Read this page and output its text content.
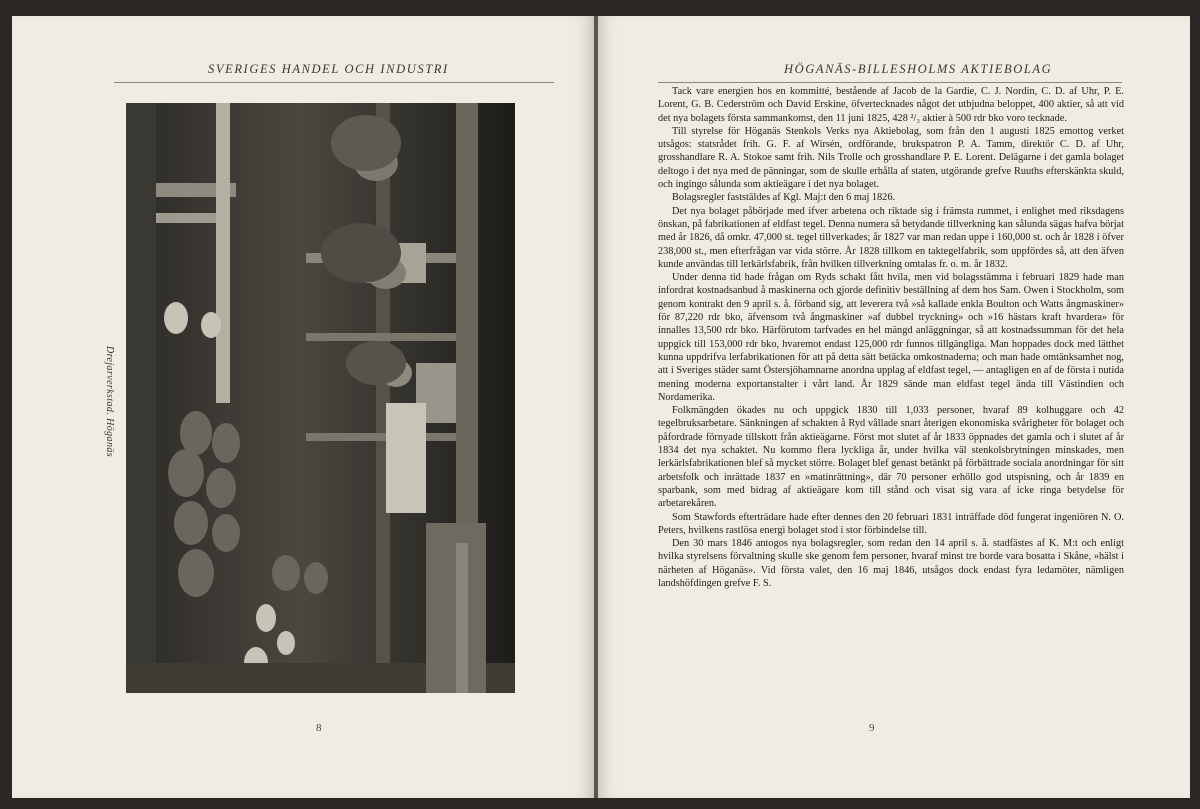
SVERIGES HANDEL OCH INDUSTRI
Drejarverkstad. Höganäs
8
HÖGANÄS-BILLESHOLMS AKTIEBOLAG

Tack vare energien hos en kommitté, bestående af Jacob de la Gardie, C. J. Nordin, C. D. af Uhr, P. E. Lorent, G. B. Cederström och David Erskine, öfvertecknades något det utbjudna beloppet, 400 aktier, så att vid det nya bolagets första sammankomst, den 11 juni 1825, 428 ²/₃ aktier à 500 rdr bko voro tecknade.

Till styrelse för Höganäs Stenkols Verks nya Aktiebolag, som från den 1 augusti 1825 emottog verket utsågos: statsrådet frih. G. F. af Wirsén, ordförande, brukspatron P. A. Tamm, direktör C. D. af Uhr, grosshandlare R. A. Stokoe samt frih. Nils Trolle och grosshandlare P. E. Lorent. Delägarne i det gamla bolaget deltogo i det nya med de pänningar, som de skulle erhålla af staten, utgörande grefve Ruuths efterskänkta skuld, och ingingo sålunda som aktieägare i det nya bolaget.

Bolagsregler faststäldes af Kgl. Maj:t den 6 maj 1826.

Det nya bolaget påbörjade med ifver arbetena och riktade sig i främsta rummet, i enlighet med riksdagens önskan, på fabrikationen af eldfast tegel. Denna numera så betydande tillverkning kan sålunda sägas hafva börjat med år 1826, då omkr. 47,000 st. tegel tillverkades; år 1827 var man redan uppe i 160,000 st. och år 1828 i öfver 238,000 st., men efterfrågan var vida större. År 1828 tillkom en taktegelfabrik, som uppfördes så, att den äfven kunde användas till lerkärlsfabrik, från hvilken tillverkning omtalas fr. o. m. år 1832.

Under denna tid hade frågan om Ryds schakt fått hvila, men vid bolagsstämma i februari 1829 hade man infordrat kostnadsanbud å maskinerna och gjorde definitiv beställning af dem hos Sam. Owen i Stockholm, som genom kontrakt den 9 april s. å. förband sig, att leverera två »så kallade enkla Boulton och Watts ångmaskiner» för 87,220 rdr bko, äfvensom två ångmaskiner »af dubbel tryckning» och »16 hästars kraft hvardera» för innalles 13,500 rdr bko. Härförutom tarfvades en hel mängd anläggningar, så att kostnadssumman för det hela uppgick till 153,000 rdr bko, hvaremot endast 125,000 rdr funnos tillgängliga. Man hoppades dock med lätthet kunna uppdrifva lerfabrikationen för att på detta sätt betäcka omkostnaderna; och man hade omtänksamhet nog, att i Sveriges städer samt Östersjöhamnarne anordna upplag af eldfast tegel, — antagligen en af de första i nutida mening moderna exportanstalter i vårt land. År 1829 sände man eldfast tegel ända till Västindien och Nordamerika.

Folkmängden ökades nu och uppgick 1830 till 1,033 personer, hvaraf 89 kolhuggare och 42 tegelbruksarbetare. Sänkningen af schakten å Ryd vållade snart återigen ekonomiska svårigheter för bolaget och påfordrade förnyade tillskott från aktieägarne. Först mot slutet af år 1833 öppnades det gamla och i slutet af år 1834 det nya schaktet. Nu kommo flera lyckliga år, under hvilka väl stenkolsbrytningen minskades, men lerkärlsfabrikationen blef så mycket större. Bolaget blef genast betänkt på förbättrade sociala anordningar för sitt arbetsfolk och inrättade 1837 en »matinrättning», där 70 personer erhöllo god utspisning, och år 1839 en sparbank, som med bidrag af aktieägare kom till stånd och visat sig vara af icke ringa betydelse för arbetarekåren.

Som Stawfords efterträdare hade efter dennes den 20 februari 1831 inträffade död fungerat ingeniören N. O. Peters, hvilkens rastlösa energi bolaget stod i stor förbindelse till.

Den 30 mars 1846 antogos nya bolagsregler, som redan den 14 april s. å. stadfästes af K. M:t och enligt hvilka styrelsens förvaltning skulle ske genom fem personer, hvaraf minst tre borde vara bosatta i Skåne, »hälst i närheten af Höganäs». Vid första valet, den 16 maj 1846, utsågos dock endast fyra ledamöter, nämligen landshöfdingen grefve F. S.

9
